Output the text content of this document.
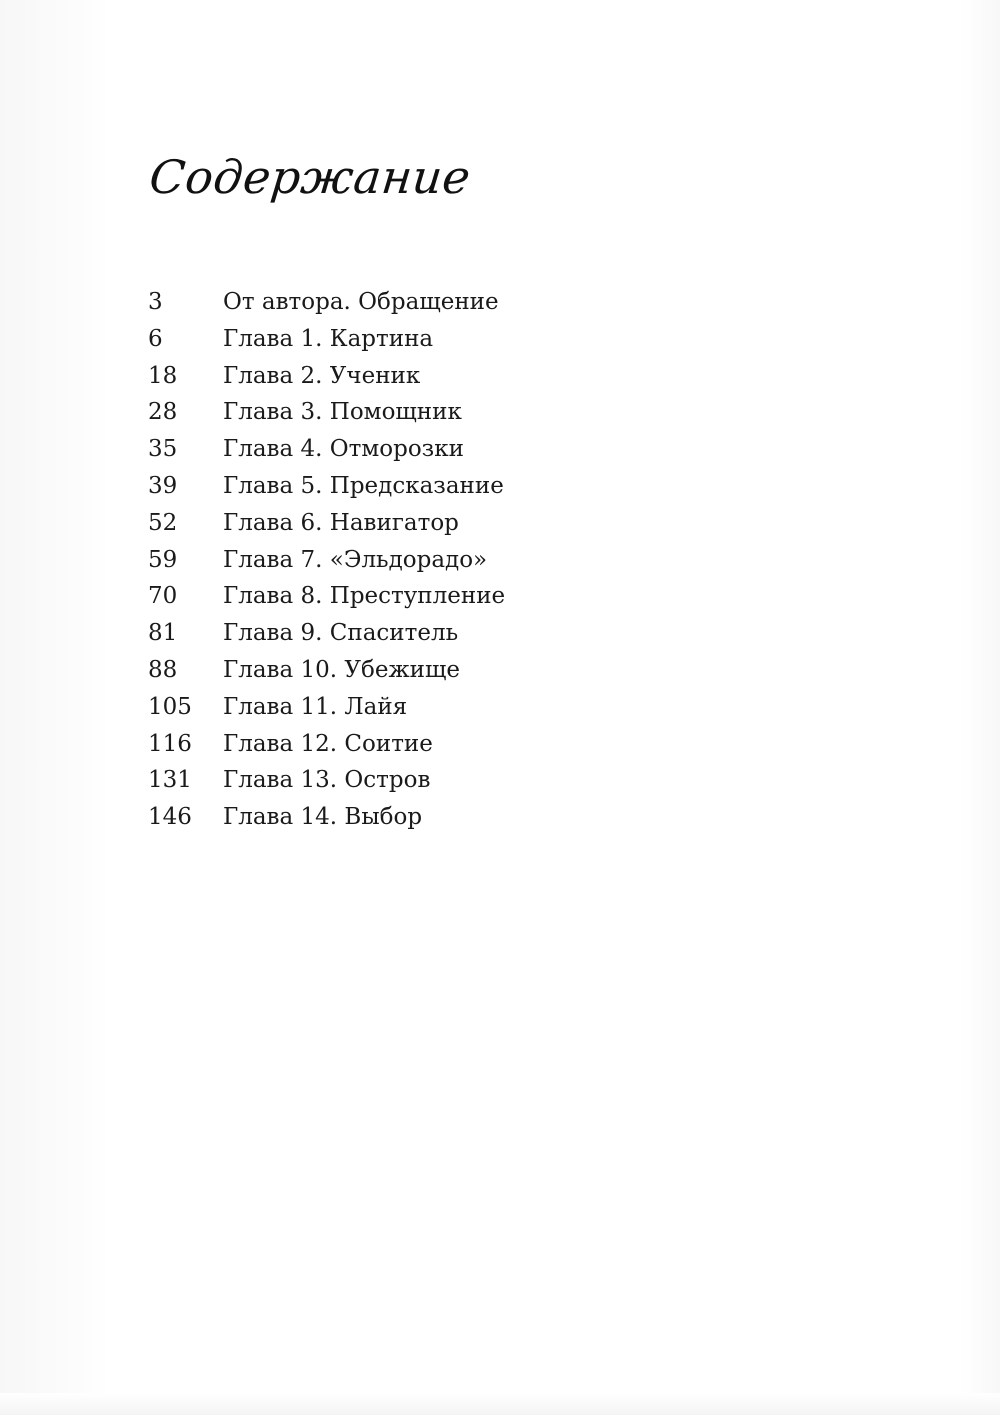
Содержание
3	От автора. Обращение
6	Глава 1. Картина
18	Глава 2. Ученик
28	Глава 3. Помощник
35	Глава 4. Отморозки
39	Глава 5. Предсказание
52	Глава 6. Навигатор
59	Глава 7. «Эльдорадо»
70	Глава 8. Преступление
81	Глава 9. Спаситель
88	Глава 10. Убежище
105	Глава 11. Лайя
116	Глава 12. Соитие
131	Глава 13. Остров
146	Глава 14. Выбор
